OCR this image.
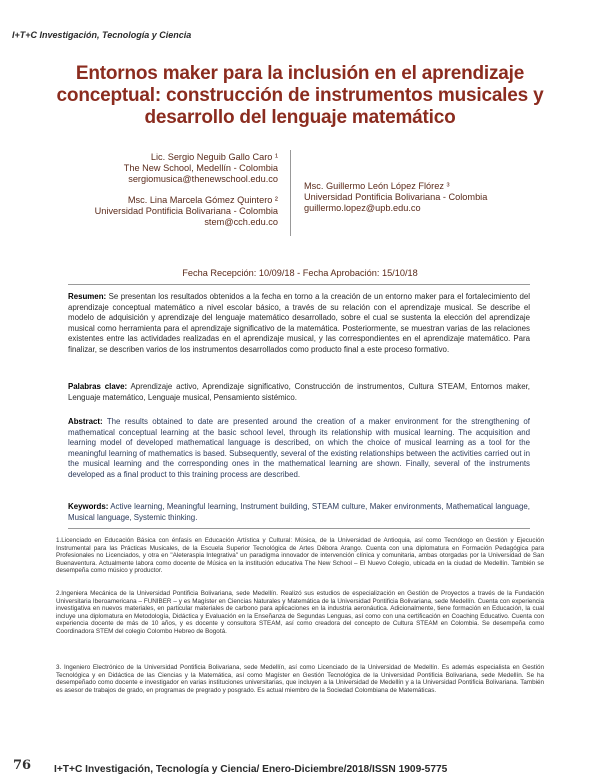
I+T+C Investigación, Tecnología y Ciencia
Entornos maker para la inclusión en el aprendizaje conceptual: construcción de instrumentos musicales y desarrollo del lenguaje matemático
Lic. Sergio Neguib Gallo Caro ¹
The New School, Medellín - Colombia
sergiomusica@thenewschool.edu.co
Msc. Lina Marcela Gómez Quintero ²
Universidad Pontificia Bolivariana - Colombia
stem@cch.edu.co
Msc. Guillermo León López Flórez ³
Universidad Pontificia Bolivariana - Colombia
guillermo.lopez@upb.edu.co
Fecha Recepción: 10/09/18 - Fecha Aprobación: 15/10/18
Resumen: Se presentan los resultados obtenidos a la fecha en torno a la creación de un entorno maker para el fortalecimiento del aprendizaje conceptual matemático a nivel escolar básico, a través de su relación con el aprendizaje musical. Se describe el modelo de adquisición y aprendizaje del lenguaje matemático desarrollado, sobre el cual se sustenta la elección del aprendizaje musical como herramienta para el aprendizaje significativo de la matemática. Posteriormente, se muestran varias de las relaciones existentes entre las actividades realizadas en el aprendizaje musical, y las correspondientes en el aprendizaje matemático. Para finalizar, se describen varios de los instrumentos desarrollados como producto final a este proceso formativo.
Palabras clave: Aprendizaje activo, Aprendizaje significativo, Construcción de instrumentos, Cultura STEAM, Entornos maker, Lenguaje matemático, Lenguaje musical, Pensamiento sistémico.
Abstract: The results obtained to date are presented around the creation of a maker environment for the strengthening of mathematical conceptual learning at the basic school level, through its relationship with musical learning. The acquisition and learning model of developed mathematical language is described, on which the choice of musical learning as a tool for the meaningful learning of mathematics is based. Subsequently, several of the existing relationships between the activities carried out in the musical learning and the corresponding ones in the mathematical learning are shown. Finally, several of the instruments developed as a final product to this training process are described.
Keywords: Active learning, Meaningful learning, Instrument building, STEAM culture, Maker environments, Mathematical language, Musical language, Systemic thinking.
1.Licenciado en Educación Básica con énfasis en Educación Artística y Cultural: Música, de la Universidad de Antioquia, así como Tecnólogo en Gestión y Ejecución Instrumental para las Prácticas Musicales, de la Escuela Superior Tecnológica de Artes Débora Arango. Cuenta con una diplomatura en Formación Pedagógica para Profesionales no Licenciados, y otra en "Aleteraspia Integrativa" un paradigma innovador de intervención clínica y comunitaria, ambas otorgadas por la Universidad de San Buenaventura. Actualmente labora como docente de Música en la institución educativa The New School – El Nuevo Colegio, ubicada en la ciudad de Medellín. También se desempeña como músico y productor.
2.Ingeniera Mecánica de la Universidad Pontificia Bolivariana, sede Medellín. Realizó sus estudios de especialización en Gestión de Proyectos a través de la Fundación Universitaria Iberoamericana – FUNIBER – y es Magíster en Ciencias Naturales y Matemática de la Universidad Pontificia Bolivariana, sede Medellín. Cuenta con experiencia investigativa en nuevos materiales, en particular materiales de carbono para aplicaciones en la industria aeronáutica. Adicionalmente, tiene formación en Educación, la cual incluye una diplomatura en Metodología, Didáctica y Evaluación en la Enseñanza de Segundas Lenguas, así como con una certificación en Coaching Educativo. Cuenta con experiencia docente de más de 10 años, y es docente y consultora STEAM, así como creadora del concepto de Cultura STEAM en Colombia. Se desempeña como Coordinadora STEM del colegio Colombo Hebreo de Bogotá.
3. Ingeniero Electrónico de la Universidad Pontificia Bolivariana, sede Medellín, así como Licenciado de la Universidad de Medellín. Es además especialista en Gestión Tecnológica y en Didáctica de las Ciencias y la Matemática, así como Magíster en Gestión Tecnológica de la Universidad Pontificia Bolivariana, sede Medellín. Se ha desempeñado como docente e investigador en varias instituciones universitarias, que incluyen a la Universidad de Medellín y a la Universidad Pontificia Bolivariana. También es asesor de trabajos de grado, en programas de pregrado y posgrado. Es actual miembro de la Sociedad Colombiana de Matemáticas.
76 I+T+C Investigación, Tecnología y Ciencia/ Enero-Diciembre/2018/ISSN 1909-5775
